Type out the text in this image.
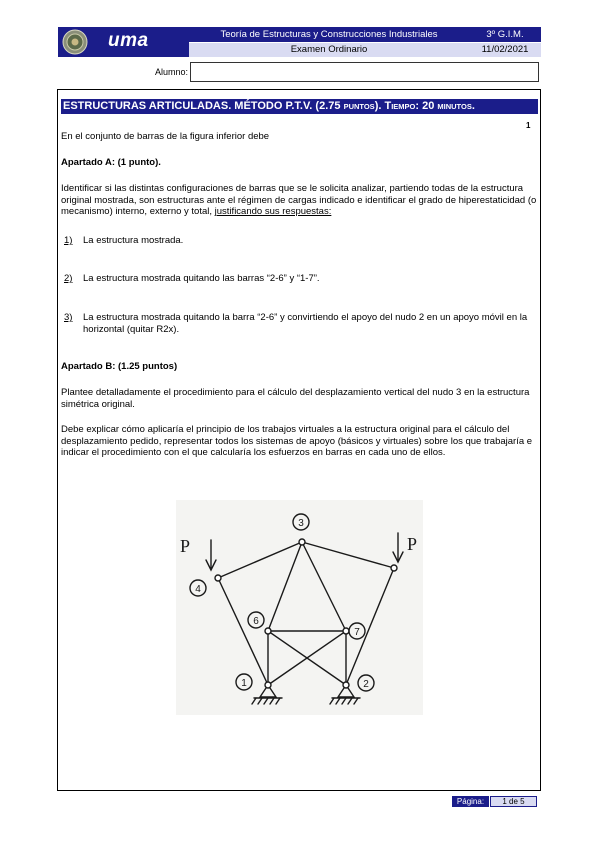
uma	Teoría de Estructuras y Construcciones Industriales	3º G.I.M.
Examen Ordinario	11/02/2021
Alumno:
ESTRUCTURAS ARTICULADAS. MÉTODO P.T.V. (2.75 PUNTOS). TIEMPO: 20 MINUTOS.
1
En el conjunto de barras de la figura inferior debe
Apartado A: (1 punto).
Identificar si las distintas configuraciones de barras que se le solicita analizar, partiendo todas de la estructura original mostrada, son estructuras ante el régimen de cargas indicado e identificar el grado de hiperestaticidad (o mecanismo) interno, externo y total, justificando sus respuestas:
1) La estructura mostrada.
2) La estructura mostrada quitando las barras “2-6” y “1-7”.
3) La estructura mostrada quitando la barra “2-6” y convirtiendo el apoyo del nudo 2 en un apoyo móvil en la horizontal (quitar R2x).
Apartado B: (1.25 puntos)
Plantee detalladamente el procedimiento para el cálculo del desplazamiento vertical del nudo 3 en la estructura simétrica original.
Debe explicar cómo aplicaría el principio de los trabajos virtuales a la estructura original para el cálculo del desplazamiento pedido, representar todos los sistemas de apoyo (básicos y virtuales) sobre los que trabajaría e indicar el procedimiento con el que calcularía los esfuerzos en barras en cada uno de ellos.
3
4
6
7
1	2
P	P
Página:	1 de 5
